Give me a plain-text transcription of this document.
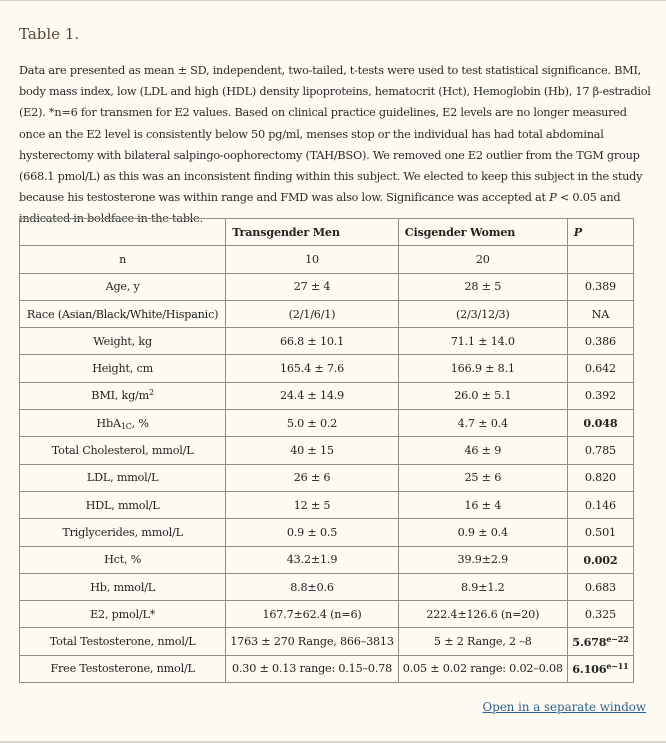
Table 1.

Data are presented as mean ± SD, independent, two-tailed, t-tests were used to test statistical significance. BMI, body mass index, low (LDL and high (HDL) density lipoproteins, hematocrit (Hct), Hemoglobin (Hb), 17 β-estradiol (E2). *n=6 for transmen for E2 values. Based on clinical practice guidelines, E2 levels are no longer measured once an the E2 level is consistently below 50 pg/ml, menses stop or the individual has had total abdominal hysterectomy with bilateral salpingo-oophorectomy (TAH/BSO). We removed one E2 outlier from the TGM group (668.1 pmol/L) as this was an inconsistent finding within this subject. We elected to keep this subject in the study because his testosterone was within range and FMD was also low. Significance was accepted at P < 0.05 and indicated in boldface in the table.

	Transgender Men	Cisgender Women	P
n	10	20	
Age, y	27 ± 4	28 ± 5	0.389
Race (Asian/Black/White/Hispanic)	(2/1/6/1)	(2/3/12/3)	NA
Weight, kg	66.8 ± 10.1	71.1 ± 14.0	0.386
Height, cm	165.4 ± 7.6	166.9 ± 8.1	0.642
BMI, $kg/m^2$	24.4 ± 14.9	26.0 ± 5.1	0.392
HbA$_{1C}$, %	5.0 ± 0.2	4.7 ± 0.4	0.048
Total Cholesterol, mmol/L	40 ± 15	46 ± 9	0.785
LDL, mmol/L	26 ± 6	25 ± 6	0.820
HDL, mmol/L	12 ± 5	16 ± 4	0.146
Triglycerides, mmol/L	0.9 ± 0.5	0.9 ± 0.4	0.501
Hct, %	43.2±1.9	39.9±2.9	0.002
Hb, mmol/L	8.8±0.6	8.9±1.2	0.683
E2, pmol/L*	167.7±62.4 (n=6)	222.4±126.6 (n=20)	0.325
Total Testosterone, nmol/L	1763 ± 270 Range, 866–3813	5 ± 2 Range, 2 –8	$5.678^{e-22}$
Free Testosterone, nmol/L	0.30 ± 0.13 range: 0.15–0.78	0.05 ± 0.02 range: 0.02–0.08	$6.106^{e-11}$
Open in a separate window
